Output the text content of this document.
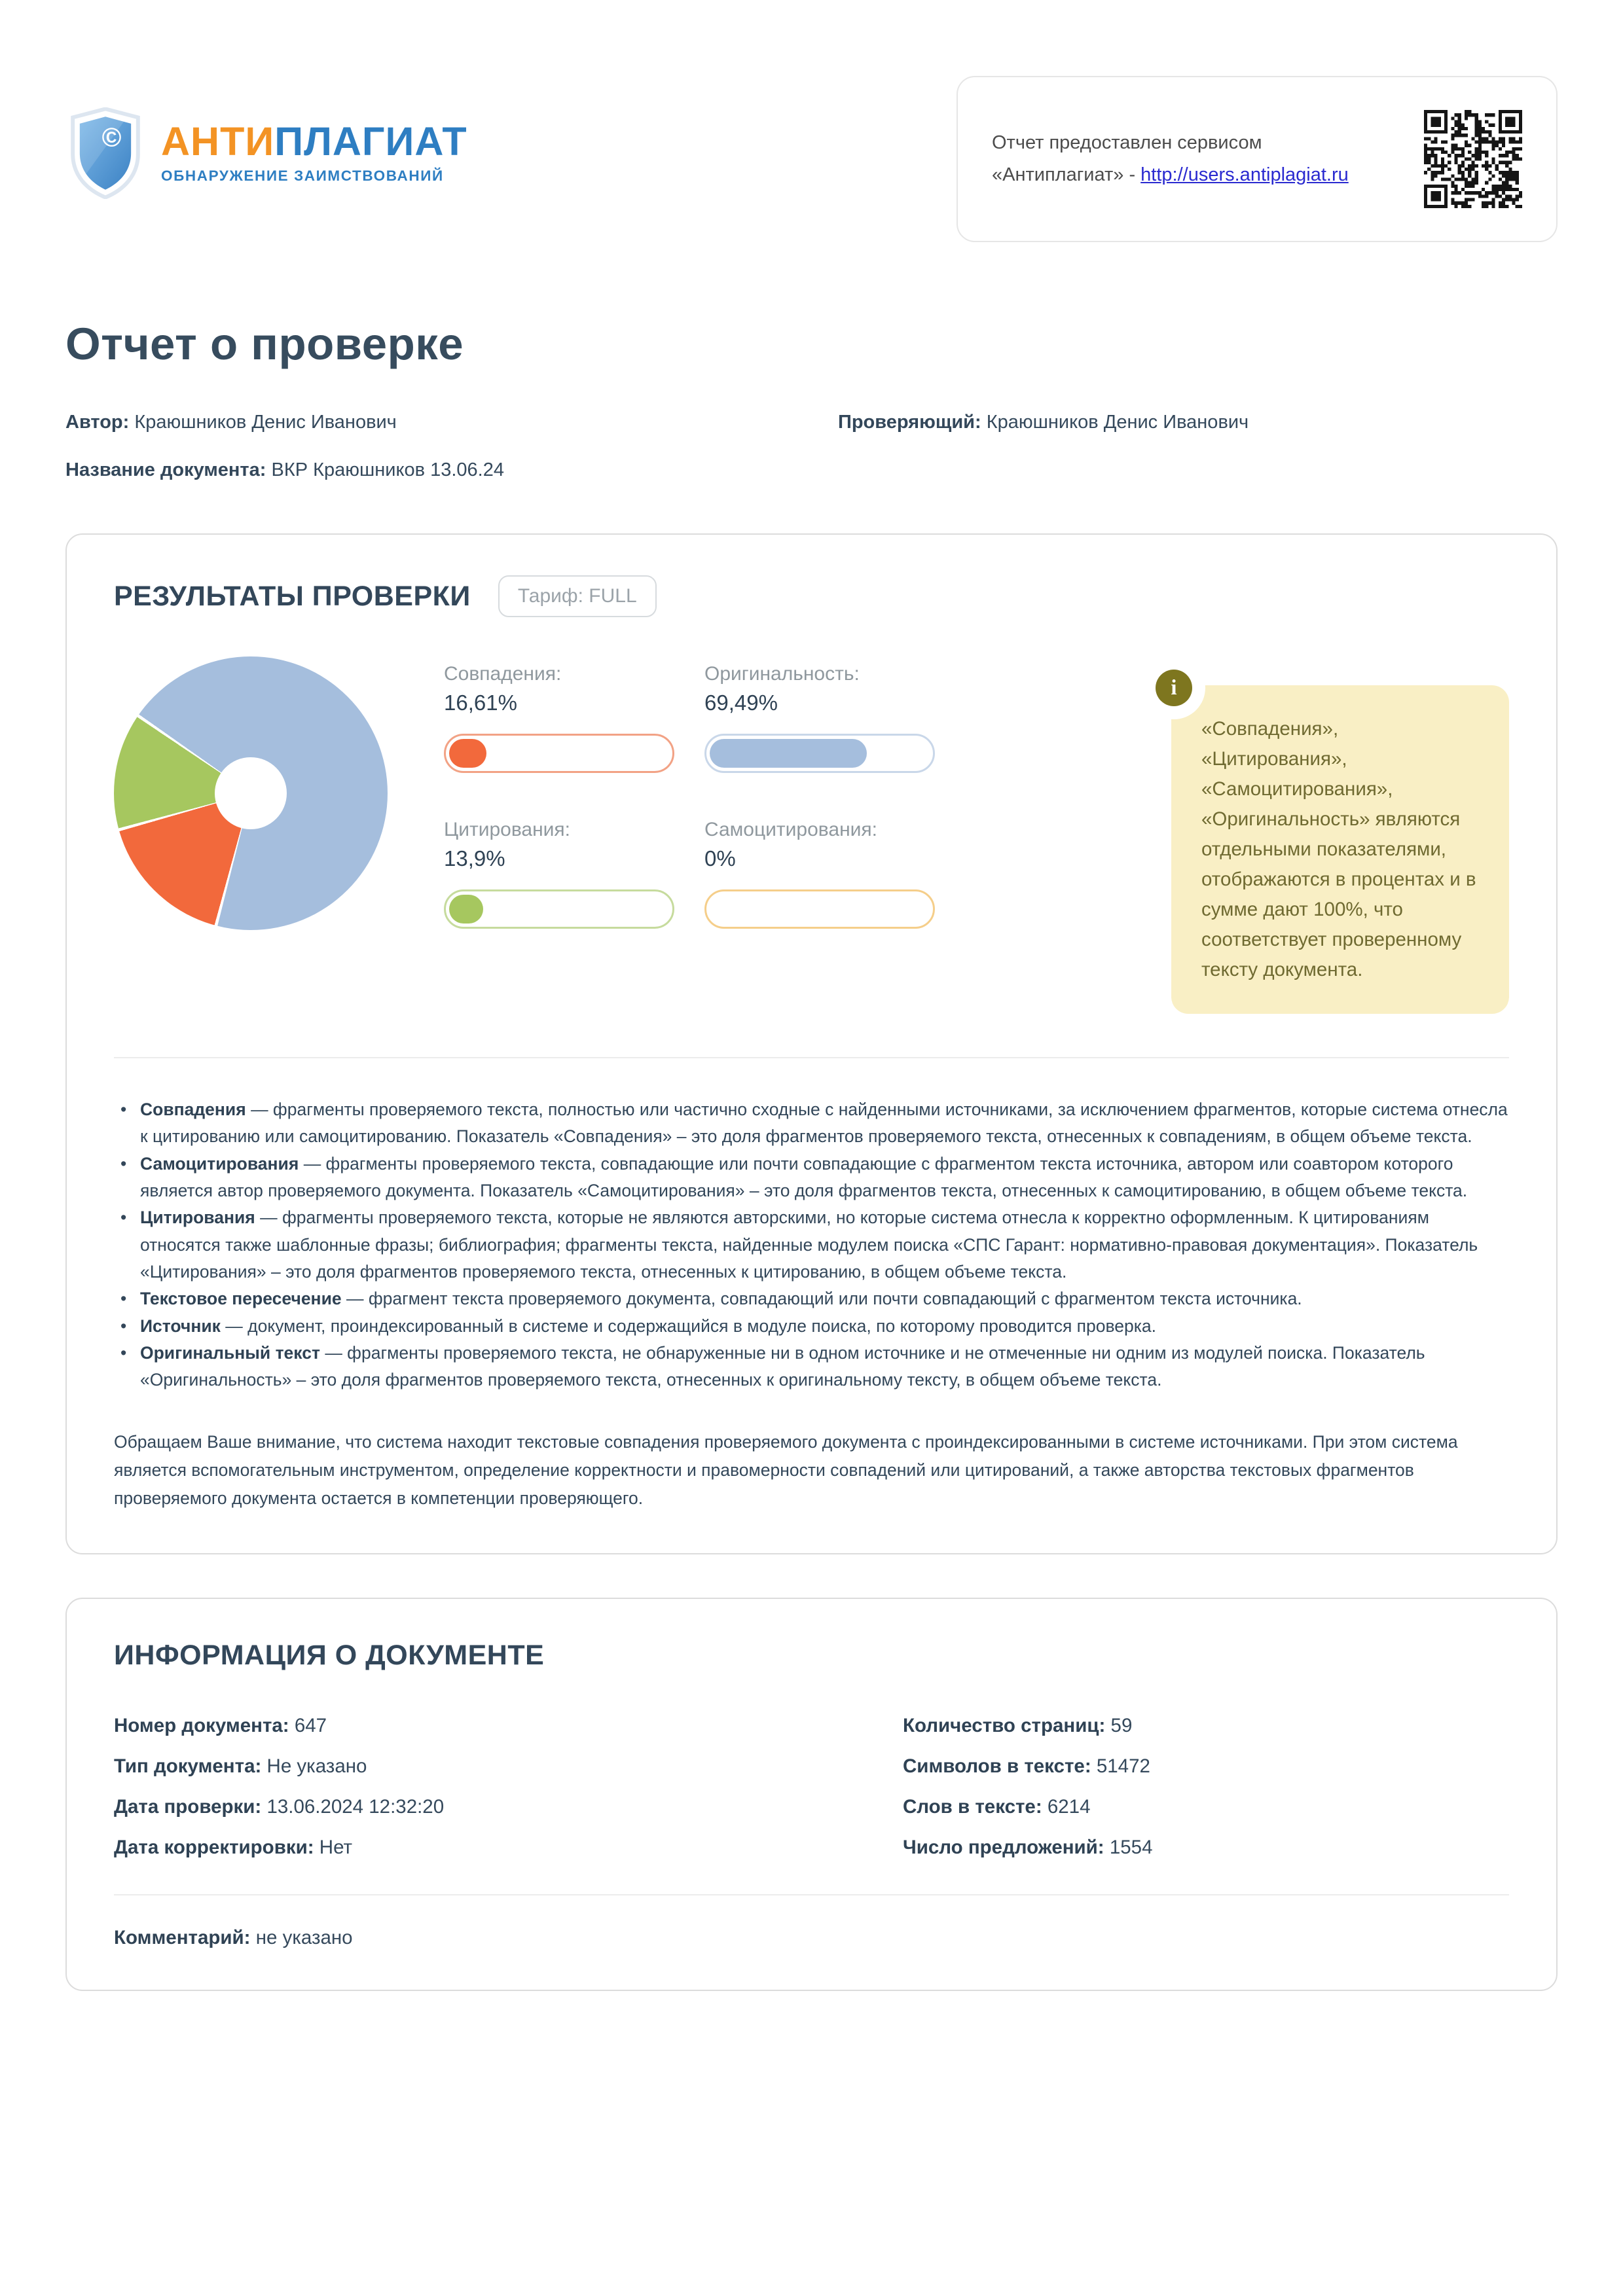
© АНТИПЛАГИАТ
ОБНАРУЖЕНИЕ ЗАИМСТВОВАНИЙ
Отчет предоставлен сервисом
«Антиплагиат» - http://users.antiplagiat.ru
Отчет о проверке
Автор: Краюшников Денис Иванович	Проверяющий: Краюшников Денис Иванович
Название документа: ВКР Краюшников 13.06.24
РЕЗУЛЬТАТЫ ПРОВЕРКИ	Тариф: FULL
Совпадения:
16,61%
Оригинальность:
69,49%
Цитирования:
13,9%
Самоцитирования:
0%
i
«Совпадения», «Цитирования», «Самоцитирования», «Оригинальность» являются отдельными показателями, отображаются в процентах и в сумме дают 100%, что соответствует проверенному тексту документа.
• Совпадения — фрагменты проверяемого текста, полностью или частично сходные с найденными источниками, за исключением фрагментов, которые система отнесла к цитированию или самоцитированию. Показатель «Совпадения» – это доля фрагментов проверяемого текста, отнесенных к совпадениям, в общем объеме текста.
• Самоцитирования — фрагменты проверяемого текста, совпадающие или почти совпадающие с фрагментом текста источника, автором или соавтором которого является автор проверяемого документа. Показатель «Самоцитирования» – это доля фрагментов текста, отнесенных к самоцитированию, в общем объеме текста.
• Цитирования — фрагменты проверяемого текста, которые не являются авторскими, но которые система отнесла к корректно оформленным. К цитированиям относятся также шаблонные фразы; библиография; фрагменты текста, найденные модулем поиска «СПС Гарант: нормативно-правовая документация». Показатель «Цитирования» – это доля фрагментов проверяемого текста, отнесенных к цитированию, в общем объеме текста.
• Текстовое пересечение — фрагмент текста проверяемого документа, совпадающий или почти совпадающий с фрагментом текста источника.
• Источник — документ, проиндексированный в системе и содержащийся в модуле поиска, по которому проводится проверка.
• Оригинальный текст — фрагменты проверяемого текста, не обнаруженные ни в одном источнике и не отмеченные ни одним из модулей поиска. Показатель «Оригинальность» – это доля фрагментов проверяемого текста, отнесенных к оригинальному тексту, в общем объеме текста.

Обращаем Ваше внимание, что система находит текстовые совпадения проверяемого документа с проиндексированными в системе источниками. При этом система является вспомогательным инструментом, определение корректности и правомерности совпадений или цитирований, а также авторства текстовых фрагментов проверяемого документа остается в компетенции проверяющего.

ИНФОРМАЦИЯ О ДОКУМЕНТЕ
Номер документа: 647	Количество страниц: 59
Тип документа: Не указано	Символов в тексте: 51472
Дата проверки: 13.06.2024 12:32:20	Слов в тексте: 6214
Дата корректировки: Нет	Число предложений: 1554
Комментарий: не указано
